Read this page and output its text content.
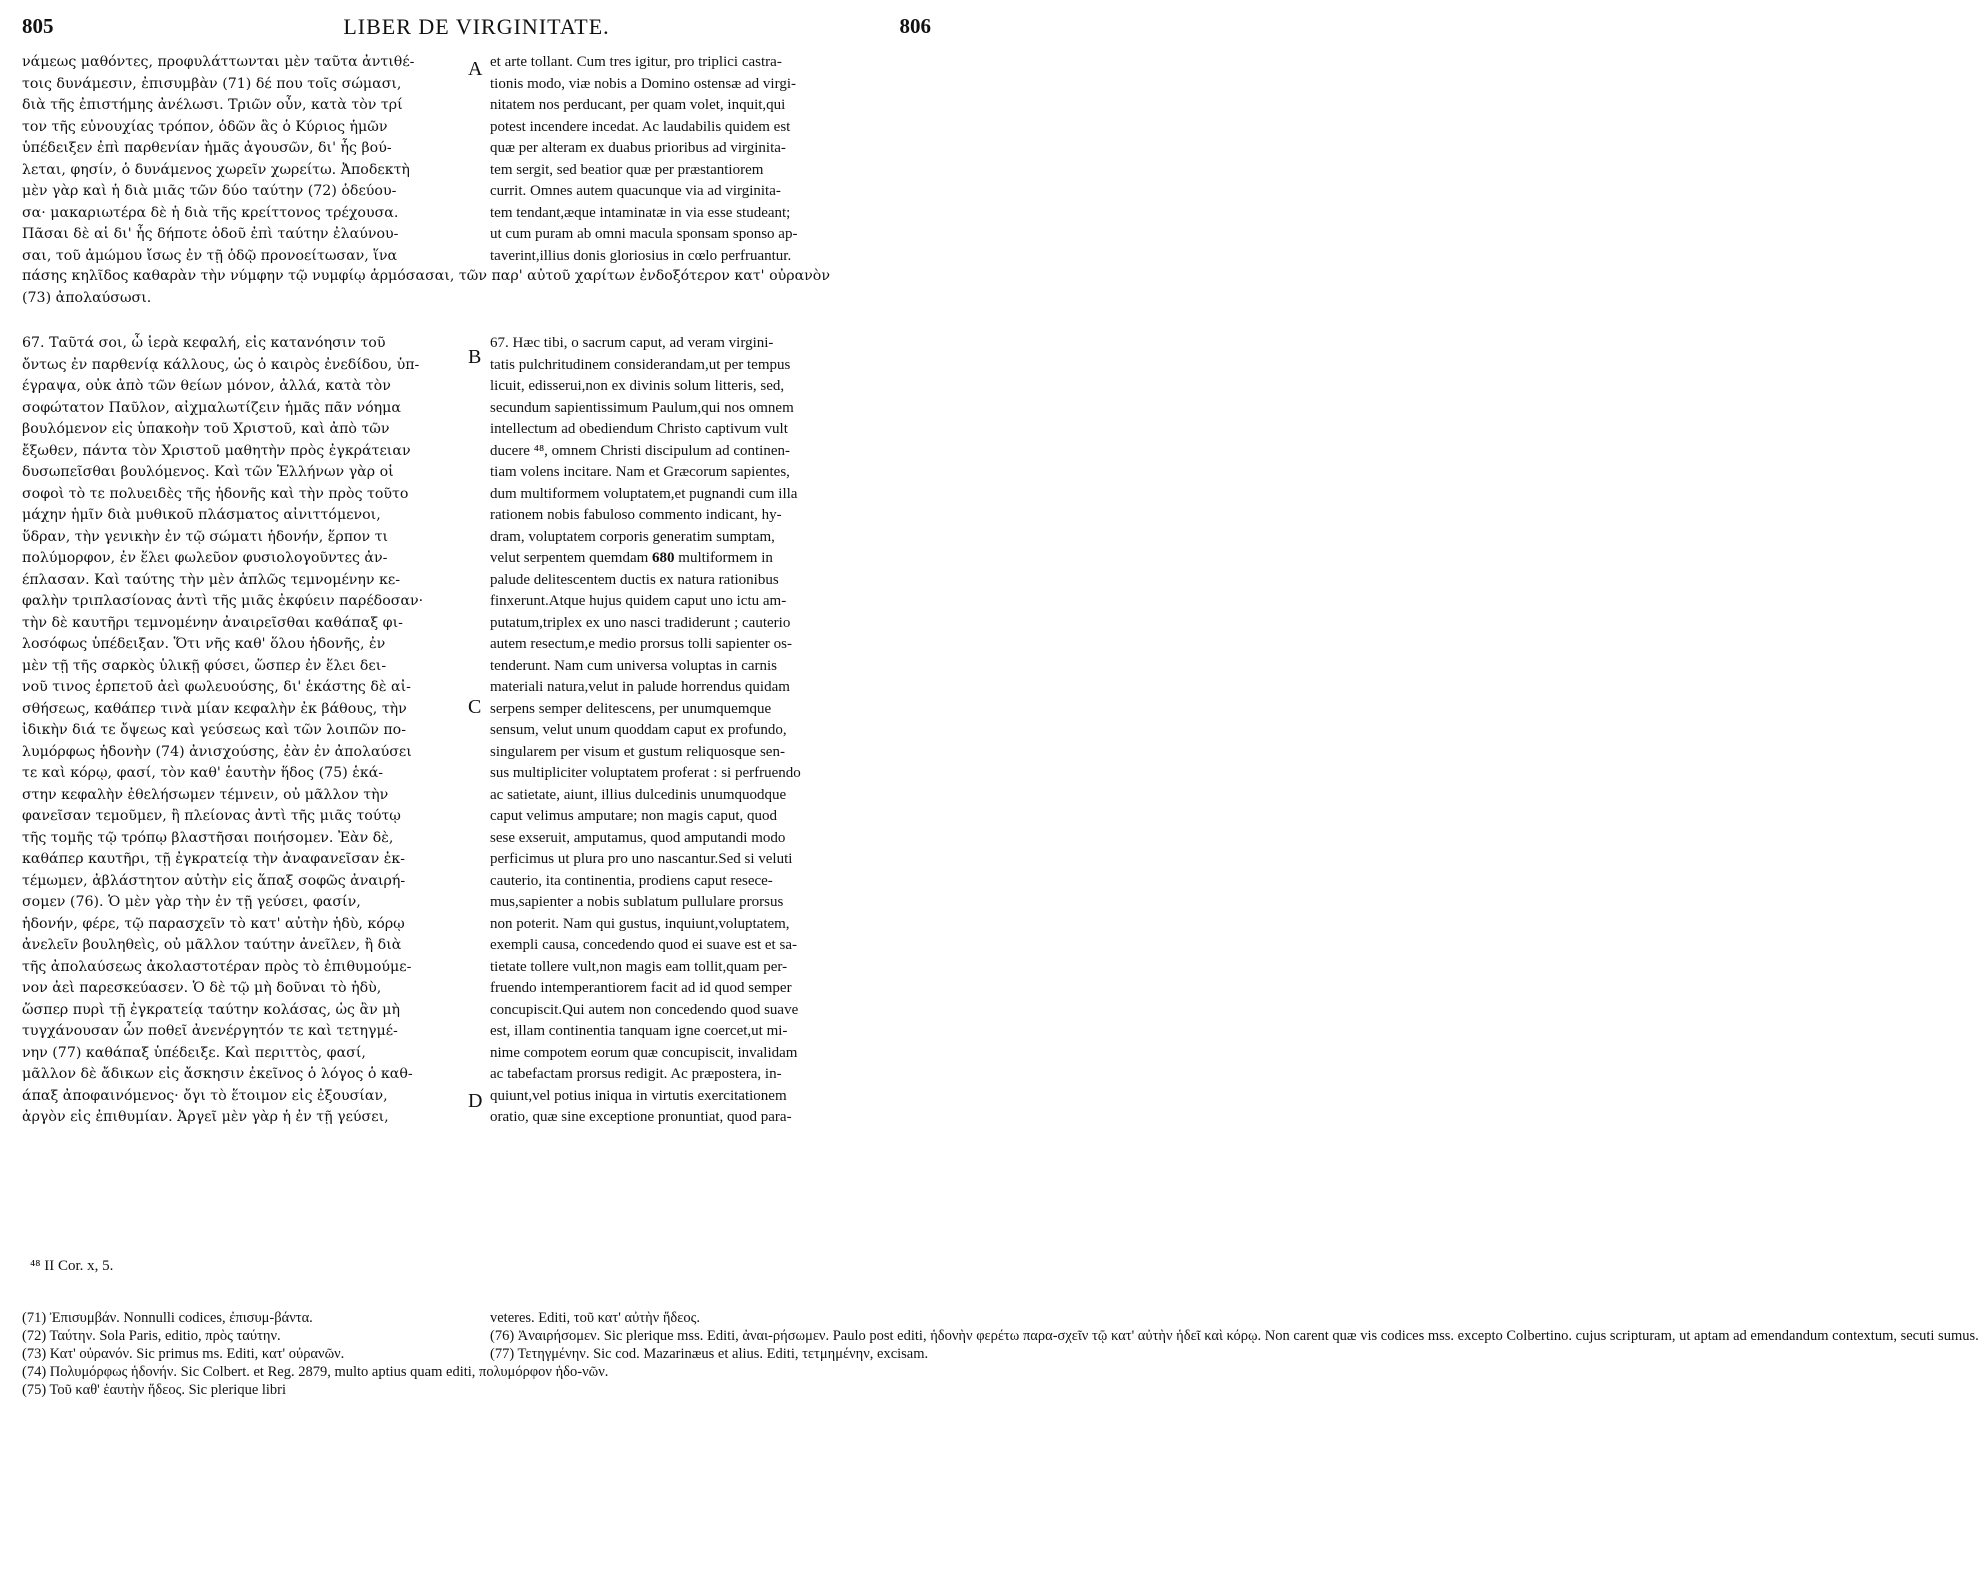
805	LIBER DE VIRGINITATE.	806
A
B
C
D
νάμεως μαθόντες, προφυλάττωνται μὲν ταῦτα ἀντιθέ-
τοις δυνάμεσιν, ἐπισυμβὰν (71) δέ που τοῖς σώμασι,
διὰ τῆς ἐπιστήμης ἀνέλωσι. Τριῶν οὖν, κατὰ τὸν τρί
τον τῆς εὐνουχίας τρόπον, ὁδῶν ἃς ὁ Κύριος ἡμῶν
ὑπέδειξεν ἐπὶ παρθενίαν ἡμᾶς ἀγουσῶν, δι' ἧς βού-
λεται, φησίν, ὁ δυνάμενος χωρεῖν χωρείτω. Ἀποδεκτὴ
μὲν γὰρ καὶ ἡ διὰ μιᾶς τῶν δύο ταύτην (72) ὁδεύου-
σα· μακαριωτέρα δὲ ἡ διὰ τῆς κρείττονος τρέχουσα.
Πᾶσαι δὲ αἱ δι' ἧς δήποτε ὁδοῦ ἐπὶ ταύτην ἐλαύνου-
σαι, τοῦ ἀμώμου ἴσως ἐν τῇ ὁδῷ προνοείτωσαν, ἵνα
et arte tollant. Cum tres igitur, pro triplici castra-
tionis modo, viæ nobis a Domino ostensæ ad virgi-
nitatem nos perducant, per quam volet, inquit,qui
potest incendere incedat. Ac laudabilis quidem est
quæ per alteram ex duabus prioribus ad virginita-
tem sergit, sed beatior quæ per præstantiorem
currit. Omnes autem quacunque via ad virginita-
tem tendant,æque intaminatæ in via esse studeant;
ut cum puram ab omni macula sponsam sponso ap-
taverint,illius donis gloriosius in cœlo perfruantur.
πάσης κηλῖδος καθαρὰν τὴν νύμφην τῷ νυμφίῳ ἁρμόσασαι, τῶν παρ' αὐτοῦ χαρίτων ἐνδοξότερον κατ' οὐρανὸν
(73) ἀπολαύσωσι.
67. Ταῦτά σοι, ὦ ἱερὰ κεφαλή, εἰς κατανόησιν τοῦ
ὄντως ἐν παρθενίᾳ κάλλους, ὡς ὁ καιρὸς ἐνεδίδου, ὑπ-
έγραψα, οὐκ ἀπὸ τῶν θείων μόνον, ἀλλά, κατὰ τὸν
σοφώτατον Παῦλον, αἰχμαλωτίζειν ἡμᾶς πᾶν νόημα
βουλόμενον εἰς ὑπακοὴν τοῦ Χριστοῦ, καὶ ἀπὸ τῶν
ἔξωθεν, πάντα τὸν Χριστοῦ μαθητὴν πρὸς ἐγκράτειαν
δυσωπεῖσθαι βουλόμενος. Καὶ τῶν Ἑλλήνων γὰρ οἱ
σοφοὶ τὸ τε πολυειδὲς τῆς ἡδονῆς καὶ τὴν πρὸς τοῦτο
μάχην ἡμῖν διὰ μυθικοῦ πλάσματος αἰνιττόμενοι,
ὕδραν, τὴν γενικὴν ἐν τῷ σώματι ἡδονήν, ἕρπον τι
πολύμορφον, ἐν ἕλει φωλεῦον φυσιολογοῦντες ἀν-
έπλασαν. Καὶ ταύτης τὴν μὲν ἁπλῶς τεμνομένην κε-
φαλὴν τριπλασίονας ἀντὶ τῆς μιᾶς ἐκφύειν παρέδοσαν·
τὴν δὲ καυτῆρι τεμνομένην ἀναιρεῖσθαι καθάπαξ φι-
λοσόφως ὑπέδειξαν. Ὅτι νῆς καθ' ὅλου ἡδονῆς, ἐν
μὲν τῇ τῆς σαρκὸς ὑλικῇ φύσει, ὥσπερ ἐν ἕλει δει-
νοῦ τινος ἑρπετοῦ ἀεὶ φωλευούσης, δι' ἑκάστης δὲ αἰ-
σθήσεως, καθάπερ τινὰ μίαν κεφαλὴν ἐκ βάθους, τὴν
ἰδικὴν διά τε ὄψεως καὶ γεύσεως καὶ τῶν λοιπῶν πο-
λυμόρφως ἡδονὴν (74) ἀνισχούσης, ἐὰν ἐν ἀπολαύσει
τε καὶ κόρῳ, φασί, τὸν καθ' ἑαυτὴν ἥδος (75) ἑκά-
στην κεφαλὴν ἐθελήσωμεν τέμνειν, οὐ μᾶλλον τὴν
φανεῖσαν τεμοῦμεν, ἢ πλείονας ἀντὶ τῆς μιᾶς τούτῳ
τῆς τομῆς τῷ τρόπῳ βλαστῆσαι ποιήσομεν. Ἐὰν δὲ,
καθάπερ καυτῆρι, τῇ ἐγκρατείᾳ τὴν ἀναφανεῖσαν ἐκ-
τέμωμεν, ἀβλάστητον αὐτὴν εἰς ἅπαξ σοφῶς ἀναιρή-
σομεν (76). Ὁ μὲν γὰρ τὴν ἐν τῇ γεύσει, φασίν,
ἡδονήν, φέρε, τῷ παρασχεῖν τὸ κατ' αὐτὴν ἡδὺ, κόρῳ
ἀνελεῖν βουληθεὶς, οὐ μᾶλλον ταύτην ἀνεῖλεν, ἢ διὰ
τῆς ἀπολαύσεως ἀκολαστοτέραν πρὸς τὸ ἐπιθυμούμε-
νον ἀεὶ παρεσκεύασεν. Ὁ δὲ τῷ μὴ δοῦναι τὸ ἡδὺ,
ὥσπερ πυρὶ τῇ ἐγκρατείᾳ ταύτην κολάσας, ὡς ἂν μὴ
τυγχάνουσαν ὧν ποθεῖ ἀνενέργητόν τε καὶ τετηγμέ-
νην (77) καθάπαξ ὑπέδειξε. Καὶ περιττὸς, φασί,
μᾶλλον δὲ ἄδικων εἰς ἄσκησιν ἐκεῖνος ὁ λόγος ὁ καθ-
άπαξ ἀποφαινόμενος· ὄγι τὸ ἕτοιμον εἰς ἐξουσίαν,
ἀργὸν εἰς ἐπιθυμίαν. Ἀργεῖ μὲν γὰρ ἡ ἐν τῇ γεύσει,
67. Hæc tibi, o sacrum caput, ad veram virgini-
tatis pulchritudinem considerandam,ut per tempus
licuit, edisserui,non ex divinis solum litteris, sed,
secundum sapientissimum Paulum,qui nos omnem
intellectum ad obediendum Christo captivum vult
ducere ⁴⁸, omnem Christi discipulum ad continen-
tiam volens incitare. Nam et Græcorum sapientes,
dum multiformem voluptatem,et pugnandi cum illa
rationem nobis fabuloso commento indicant, hy-
dram, voluptatem corporis generatim sumptam,
velut serpentem quemdam 680 multiformem in
palude delitescentem ductis ex natura rationibus
finxerunt.Atque hujus quidem caput uno ictu am-
putatum,triplex ex uno nasci tradiderunt ; cauterio
autem resectum,e medio prorsus tolli sapienter os-
tenderunt. Nam cum universa voluptas in carnis
materiali natura,velut in palude horrendus quidam
serpens semper delitescens, per unumquemque
sensum, velut unum quoddam caput ex profundo,
singularem per visum et gustum reliquosque sen-
sus multipliciter voluptatem proferat : si perfruendo
ac satietate, aiunt, illius dulcedinis unumquodque
caput velimus amputare; non magis caput, quod
sese exseruit, amputamus, quod amputandi modo
perficimus ut plura pro uno nascantur.Sed si veluti
cauterio, ita continentia, prodiens caput resece-
mus,sapienter a nobis sublatum pullulare prorsus
non poterit. Nam qui gustus, inquiunt,voluptatem,
exempli causa, concedendo quod ei suave est et sa-
tietate tollere vult,non magis eam tollit,quam per-
fruendo intemperantiorem facit ad id quod semper
concupiscit.Qui autem non concedendo quod suave
est, illam continentia tanquam igne coercet,ut mi-
nime compotem eorum quæ concupiscit, invalidam
ac tabefactam prorsus redigit. Ac præpostera, in-
quiunt,vel potius iniqua in virtutis exercitationem
oratio, quæ sine exceptione pronuntiat, quod para-
⁴⁸ II Cor. x, 5.

(71) Ἐπισυμβάν. Nonnulli codices, ἐπισυμ-βάντα.

(72) Ταύτην. Sola Paris, editio, πρὸς ταύτην.

(73) Κατ' οὐρανόν. Sic primus ms. Editi, κατ' οὐρανῶν.

(74) Πολυμόρφως ἡδονήν. Sic Colbert. et Reg. 2879, multo aptius quam editi, πολυμόρφον ἡδο-νῶν.

(75) Τοῦ καθ' ἑαυτὴν ἥδεος. Sic plerique libri

veteres. Editi, τοῦ κατ' αὐτὴν ἥδεος.

(76) Ἀναιρήσομεν. Sic plerique mss. Editi, ἀναι-ρήσωμεν. Paulo post editi, ἡδονὴν φερέτω παρα-σχεῖν τῷ κατ' αὐτὴν ἡδεῖ καὶ κόρῳ. Non carent quæ vis codices mss. excepto Colbertino. cujus scripturam, ut aptam ad emendandum contextum, secuti sumus.

(77) Τετηγμένην. Sic cod. Mazarinæus et alius. Editi, τετμημένην, excisam.
